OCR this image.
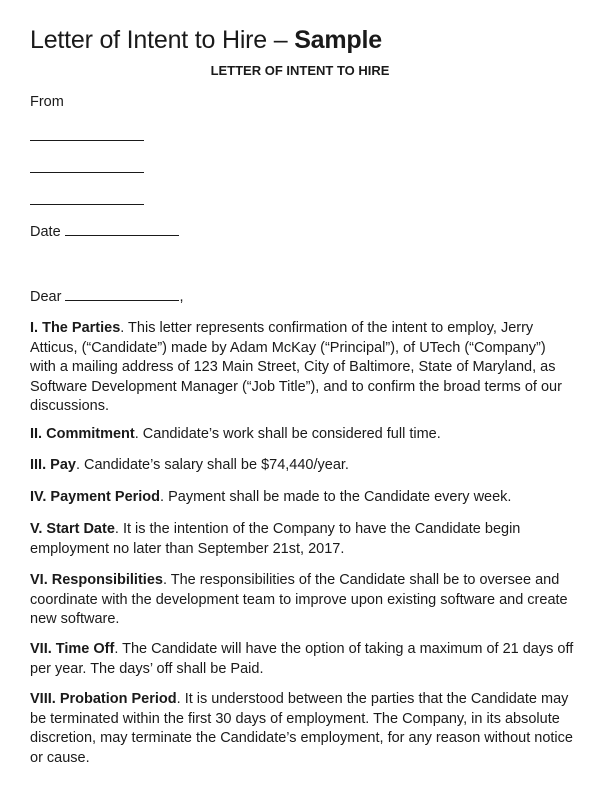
Letter of Intent to Hire – Sample
LETTER OF INTENT TO HIRE
From
Date
Dear	,
I. The Parties. This letter represents confirmation of the intent to employ, Jerry Atticus, (“Candidate”) made by Adam McKay (“Principal”), of UTech (“Company”) with a mailing address of 123 Main Street, City of Baltimore, State of Maryland, as Software Development Manager (“Job Title”), and to confirm the broad terms of our discussions.
II. Commitment. Candidate’s work shall be considered full time.
III. Pay. Candidate’s salary shall be $74,440/year.
IV. Payment Period. Payment shall be made to the Candidate every week.
V. Start Date. It is the intention of the Company to have the Candidate begin employment no later than September 21st, 2017.
VI. Responsibilities. The responsibilities of the Candidate shall be to oversee and coordinate with the development team to improve upon existing software and create new software.
VII. Time Off. The Candidate will have the option of taking a maximum of 21 days off per year. The days’ off shall be Paid.
VIII. Probation Period. It is understood between the parties that the Candidate may be terminated within the first 30 days of employment. The Company, in its absolute discretion, may terminate the Candidate’s employment, for any reason without notice or cause.
